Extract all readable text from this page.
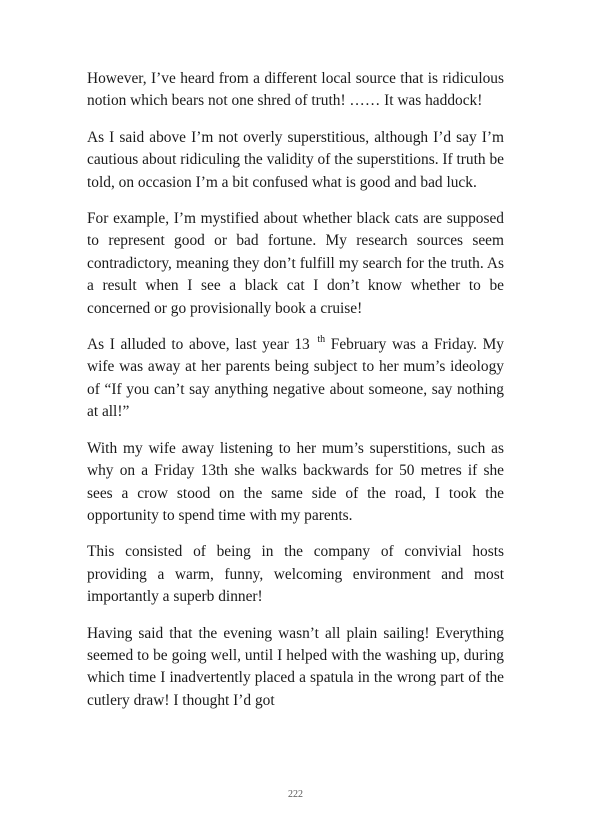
However, I’ve heard from a different local source that is ridiculous notion which bears not one shred of truth! …… It was haddock!

As I said above I’m not overly superstitious, although I’d say I’m cautious about ridiculing the validity of the superstitions. If truth be told, on occasion I’m a bit confused what is good and bad luck.

For example, I’m mystified about whether black cats are supposed to represent good or bad fortune. My research sources seem contradictory, meaning they don’t fulfill my search for the truth. As a result when I see a black cat I don’t know whether to be concerned or go provisionally book a cruise!

As I alluded to above, last year 13 $^{th}$ February was a Friday. My wife was away at her parents being subject to her mum’s ideology of “If you can’t say anything negative about someone, say nothing at all!”

With my wife away listening to her mum’s superstitions, such as why on a Friday 13th she walks backwards for 50 metres if she sees a crow stood on the same side of the road, I took the opportunity to spend time with my parents.

This consisted of being in the company of convivial hosts providing a warm, funny, welcoming environment and most importantly a superb dinner!

Having said that the evening wasn’t all plain sailing! Everything seemed to be going well, until I helped with the washing up, during which time I inadvertently placed a spatula in the wrong part of the cutlery draw! I thought I’d got

222
